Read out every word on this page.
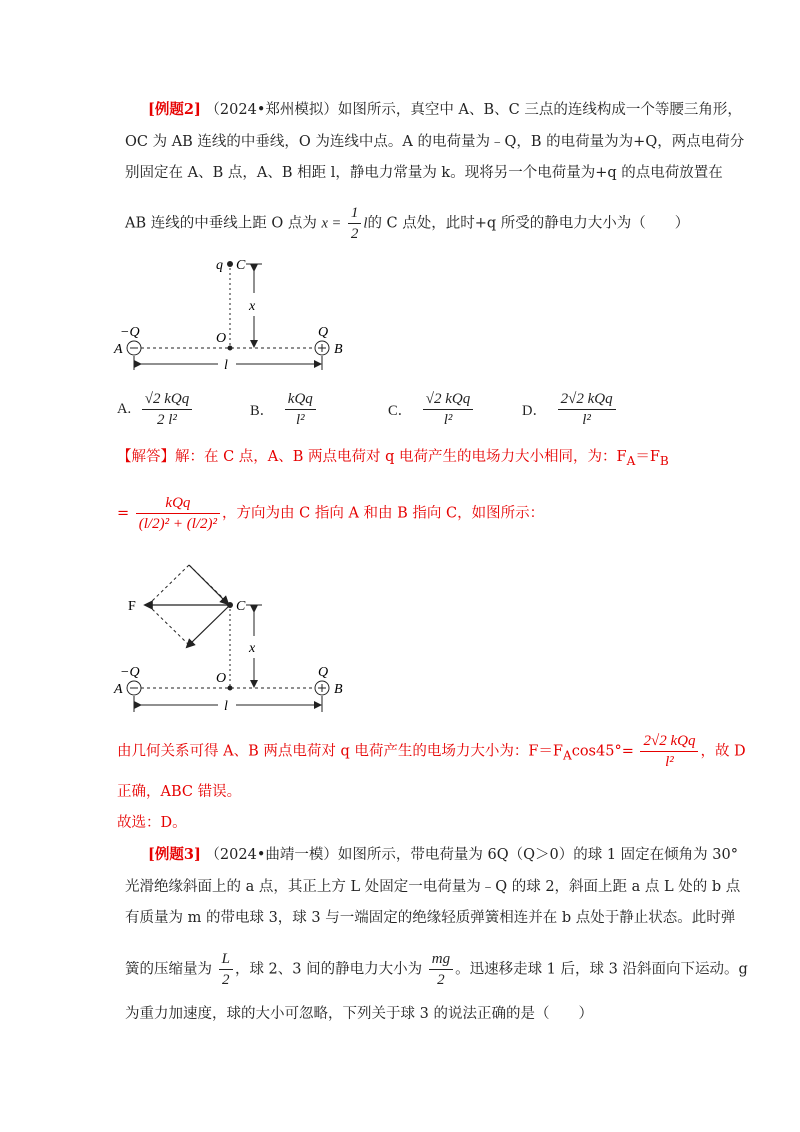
[例题2] （2024•郑州模拟）如图所示，真空中 A、B、C 三点的连线构成一个等腰三角形，
OC 为 AB 连线的中垂线，O 为连线中点。A 的电荷量为﹣Q，B 的电荷量为为+Q，两点电荷分
别固定在 A、B 点，A、B 相距 l，静电力常量为 k。现将另一个电荷量为+q 的点电荷放置在
AB 连线的中垂线上距 O 点为 $x = \frac{1}{2}$ l的 C 点处，此时+q 所受的静电力大小为（　　）
q C
x
−Q	Q
A
O
B
l
A. $\frac{\text{√2 kQq}}{\text{2 l²}}$	B． $\frac{\text{kQq}}{\text{l²}}$	C． $\frac{\text{√2 kQq}}{\text{l²}}$	D． $\frac{\text{2√2 kQq}}{\text{l²}}$
【解答】解：在 C 点，A、B 两点电荷对 q 电荷产生的电场力大小相同，为：$F_A=F_B$
= $\frac{\text{kQq}}{\text{(l/2)² + (l/2)²}}$ ，方向为由 C 指向 A 和由 B 指向 C，如图所示：
F	C
x
−Q	Q
A
O
B
l
由几何关系可得 A、B 两点电荷对 q 电荷产生的电场力大小为：$F=F_A\cos 45^\circ= \frac{\text{2√2 kQq}}{\text{l²}}$ ，故 D
正确，ABC 错误。
故选：D。
[例题3] （2024•曲靖一模）如图所示，带电荷量为 6Q（Q＞0）的球 1 固定在倾角为 30°
光滑绝缘斜面上的 a 点，其正上方 L 处固定一电荷量为﹣Q 的球 2，斜面上距 a 点 L 处的 b 点
有质量为 m 的带电球 3，球 3 与一端固定的绝缘轻质弹簧相连并在 b 点处于静止状态。此时弹
簧的压缩量为 $\frac{L}{2}$ ，球 2、3 间的静电力大小为 $\frac{mg}{2}$ 。迅速移走球 1 后，球 3 沿斜面向下运动。g
为重力加速度，球的大小可忽略，下列关于球 3 的说法正确的是（　　）
